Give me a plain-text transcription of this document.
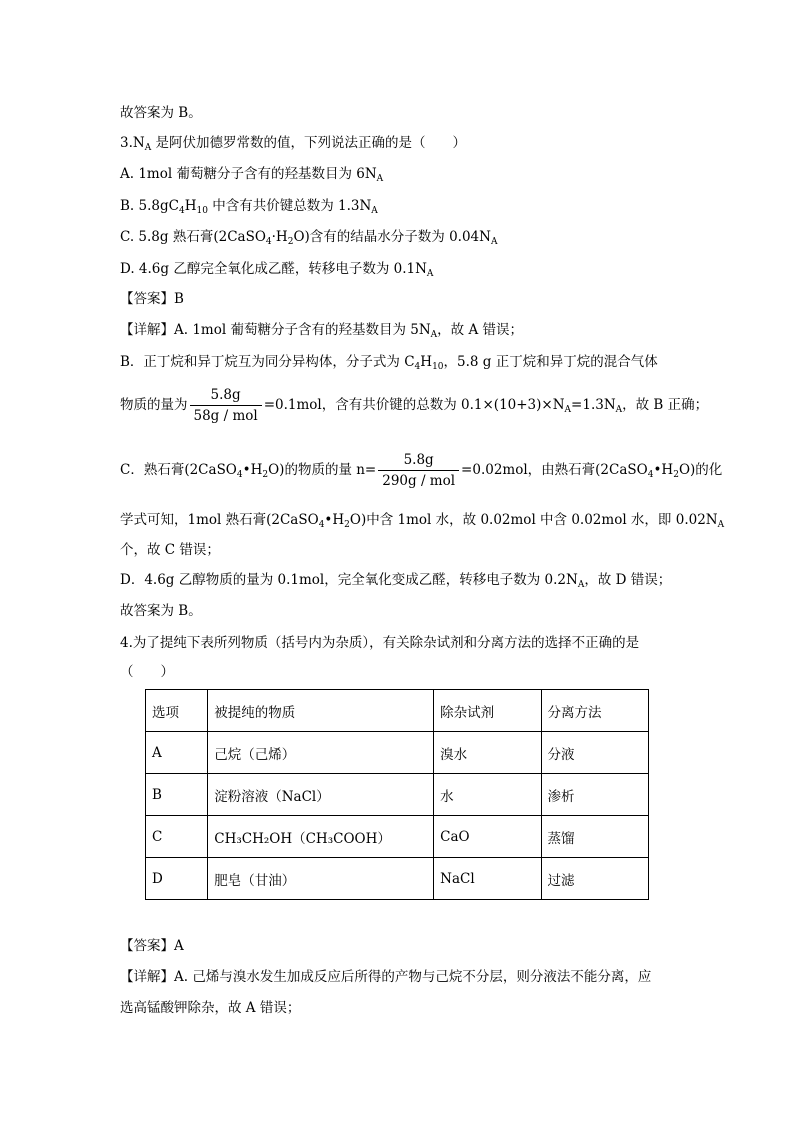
故答案为 B。
$3.N_A$ 是阿伏加德罗常数的值，下列说法正确的是（　　）
A. 1mol 葡萄糖分子含有的羟基数目为 $6N_A$
B. $5.8gC_4H_{10}$ 中含有共价键总数为 $1.3N_A$
C. 5.8g 熟石膏$(2CaSO_4\cdot H_2O)$含有的结晶水分子数为 $0.04N_A$
D. 4.6g 乙醇完全氧化成乙醛，转移电子数为 $0.1N_A$
【答案】B
【详解】A. 1mol 葡萄糖分子含有的羟基数目为 $5N_A$，故 A 错误；
B．正丁烷和异丁烷互为同分异构体，分子式为 $C_4H_{10}$，5.8 g 正丁烷和异丁烷的混合气体
物质的量为 $\frac{5.8g}{\text{58g / mol}} =0.1mol$，含有共价键的总数为 $0.1\times(10+3)\times N_A=1.3N_A$，故 B 正确；
C．熟石膏$(2CaSO_4•H_2O)$的物质的量 $n= \frac{5.8g}{\text{290g / mol}} =0.02mol$，由熟石膏$(2CaSO_4•H_2O)$的化
学式可知，1mol 熟石膏$(2CaSO_4•H_2O)$中含 1mol 水，故 0.02mol 中含 0.02mol 水，即 $0.02N_A$
个，故 C 错误；
D．4.6g 乙醇物质的量为 0.1mol，完全氧化变成乙醛，转移电子数为 $0.2N_A$，故 D 错误；
故答案为 B。
4.为了提纯下表所列物质（括号内为杂质），有关除杂试剂和分离方法的选择不正确的是
（　　）
选项	被提纯的物质	除杂试剂	分离方法
A	己烷（己烯）	溴水	分液
B	淀粉溶液（NaCl）	水	渗析
C	CH₃CH₂OH（CH₃COOH）	CaO	蒸馏
D	肥皂（甘油）	NaCl	过滤
【答案】A
【详解】A. 己烯与溴水发生加成反应后所得的产物与己烷不分层，则分液法不能分离，应
选高锰酸钾除杂，故 A 错误；
